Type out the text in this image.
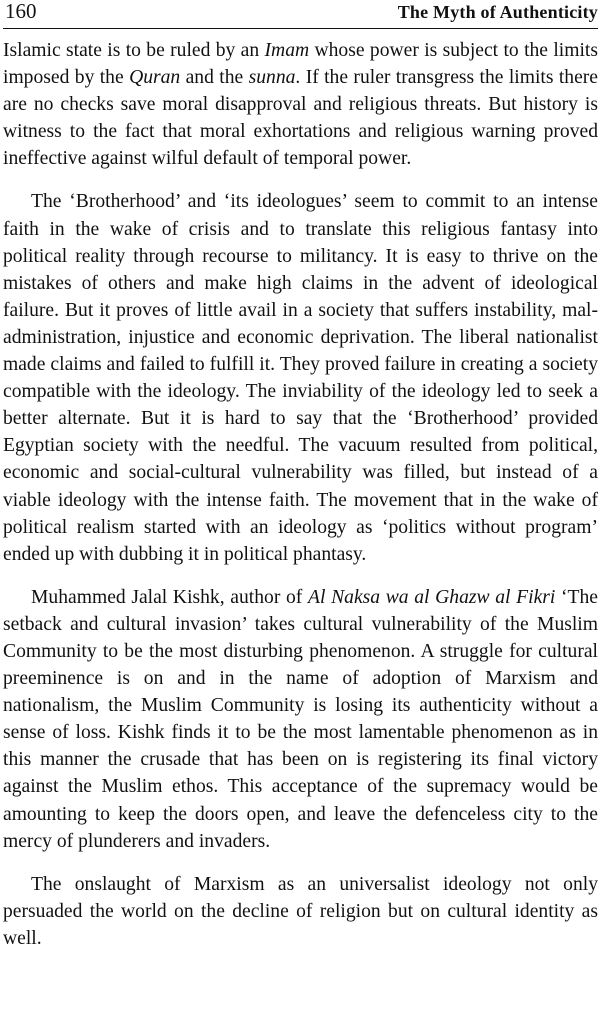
160	The Myth of Authenticity

Islamic state is to be ruled by an Imam whose power is subject to the limits imposed by the Quran and the sunna. If the ruler transgress the limits there are no checks save moral disapproval and religious threats. But history is witness to the fact that moral exhortations and religious warning proved ineffective against wilful default of temporal power.

The ‘Brotherhood’ and ‘its ideologues’ seem to commit to an intense faith in the wake of crisis and to translate this religious fantasy into political reality through recourse to militancy. It is easy to thrive on the mistakes of others and make high claims in the advent of ideological failure. But it proves of little avail in a society that suffers instability, mal-administration, injustice and economic deprivation. The liberal nationalist made claims and failed to fulfill it. They proved failure in creating a society compatible with the ideology. The inviability of the ideology led to seek a better alternate. But it is hard to say that the ‘Brotherhood’ provided Egyptian society with the needful. The vacuum resulted from political, economic and social-cultural vulnerability was filled, but instead of a viable ideology with the intense faith. The movement that in the wake of political realism started with an ideology as ‘politics without program’ ended up with dubbing it in political phantasy.

Muhammed Jalal Kishk, author of Al Naksa wa al Ghazw al Fikri ‘The setback and cultural invasion’ takes cultural vulnerability of the Muslim Community to be the most disturbing phenomenon. A struggle for cultural preeminence is on and in the name of adoption of Marxism and nationalism, the Muslim Community is losing its authenticity without a sense of loss. Kishk finds it to be the most lamentable phenomenon as in this manner the crusade that has been on is registering its final victory against the Muslim ethos. This acceptance of the supremacy would be amounting to keep the doors open, and leave the defenceless city to the mercy of plunderers and invaders.

The onslaught of Marxism as an universalist ideology not only persuaded the world on the decline of religion but on cultural identity as well.
